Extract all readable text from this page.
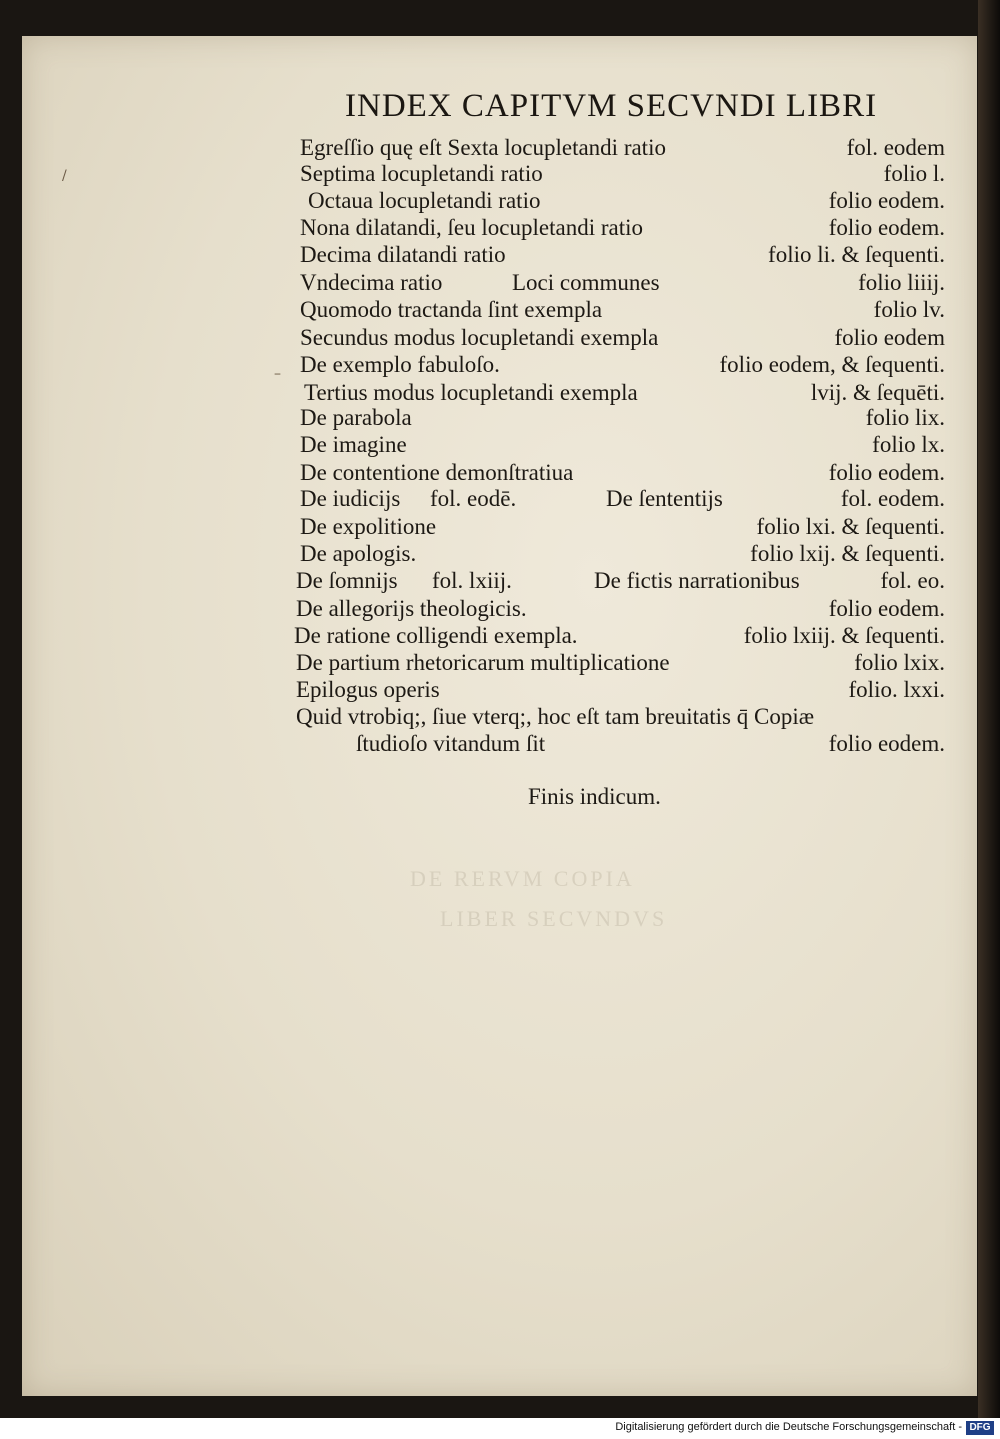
DE RERVM COPIA
LIBER SECVNDVS
/
–
INDEX CAPITVM SECVNDI LIBRI
Egreſſio quę eſt Sexta locupletandi ratio	fol. eodem
Septima locupletandi ratio	folio l.
Octaua locupletandi ratio	folio eodem.
Nona dilatandi, ſeu locupletandi ratio	folio eodem.
Decima dilatandi ratio	folio li. & ſequenti.
Vndecima ratio	Loci communes	folio liiij.
Quomodo tractanda ſint exempla	folio lv.
Secundus modus locupletandi exempla	folio eodem
De exemplo fabuloſo.	folio eodem, & ſequenti.
Tertius modus locupletandi exempla	lvij. & ſequēti.
De parabola	folio lix.
De imagine	folio lx.
De contentione demonſtratiua	folio eodem.
De iudicijs fol. eodē.	De ſententijs	fol. eodem.
De expolitione	folio lxi. & ſequenti.
De apologis.	folio lxij. & ſequenti.
De ſomnijs fol. lxiij.	De fictis narrationibus	fol. eo.
De allegorijs theologicis.	folio eodem.
De ratione colligendi exempla.	folio lxiij. & ſequenti.
De partium rhetoricarum multiplicatione	folio lxix.
Epilogus operis	folio. lxxi.
Quid vtrobiq;, ſiue vterq;, hoc eſt tam breuitatis q̄ Copiæ
ſtudioſo vitandum ſit	folio eodem.
Finis indicum.
Digitalisierung gefördert durch die Deutsche Forschungsgemeinschaft - DFG
